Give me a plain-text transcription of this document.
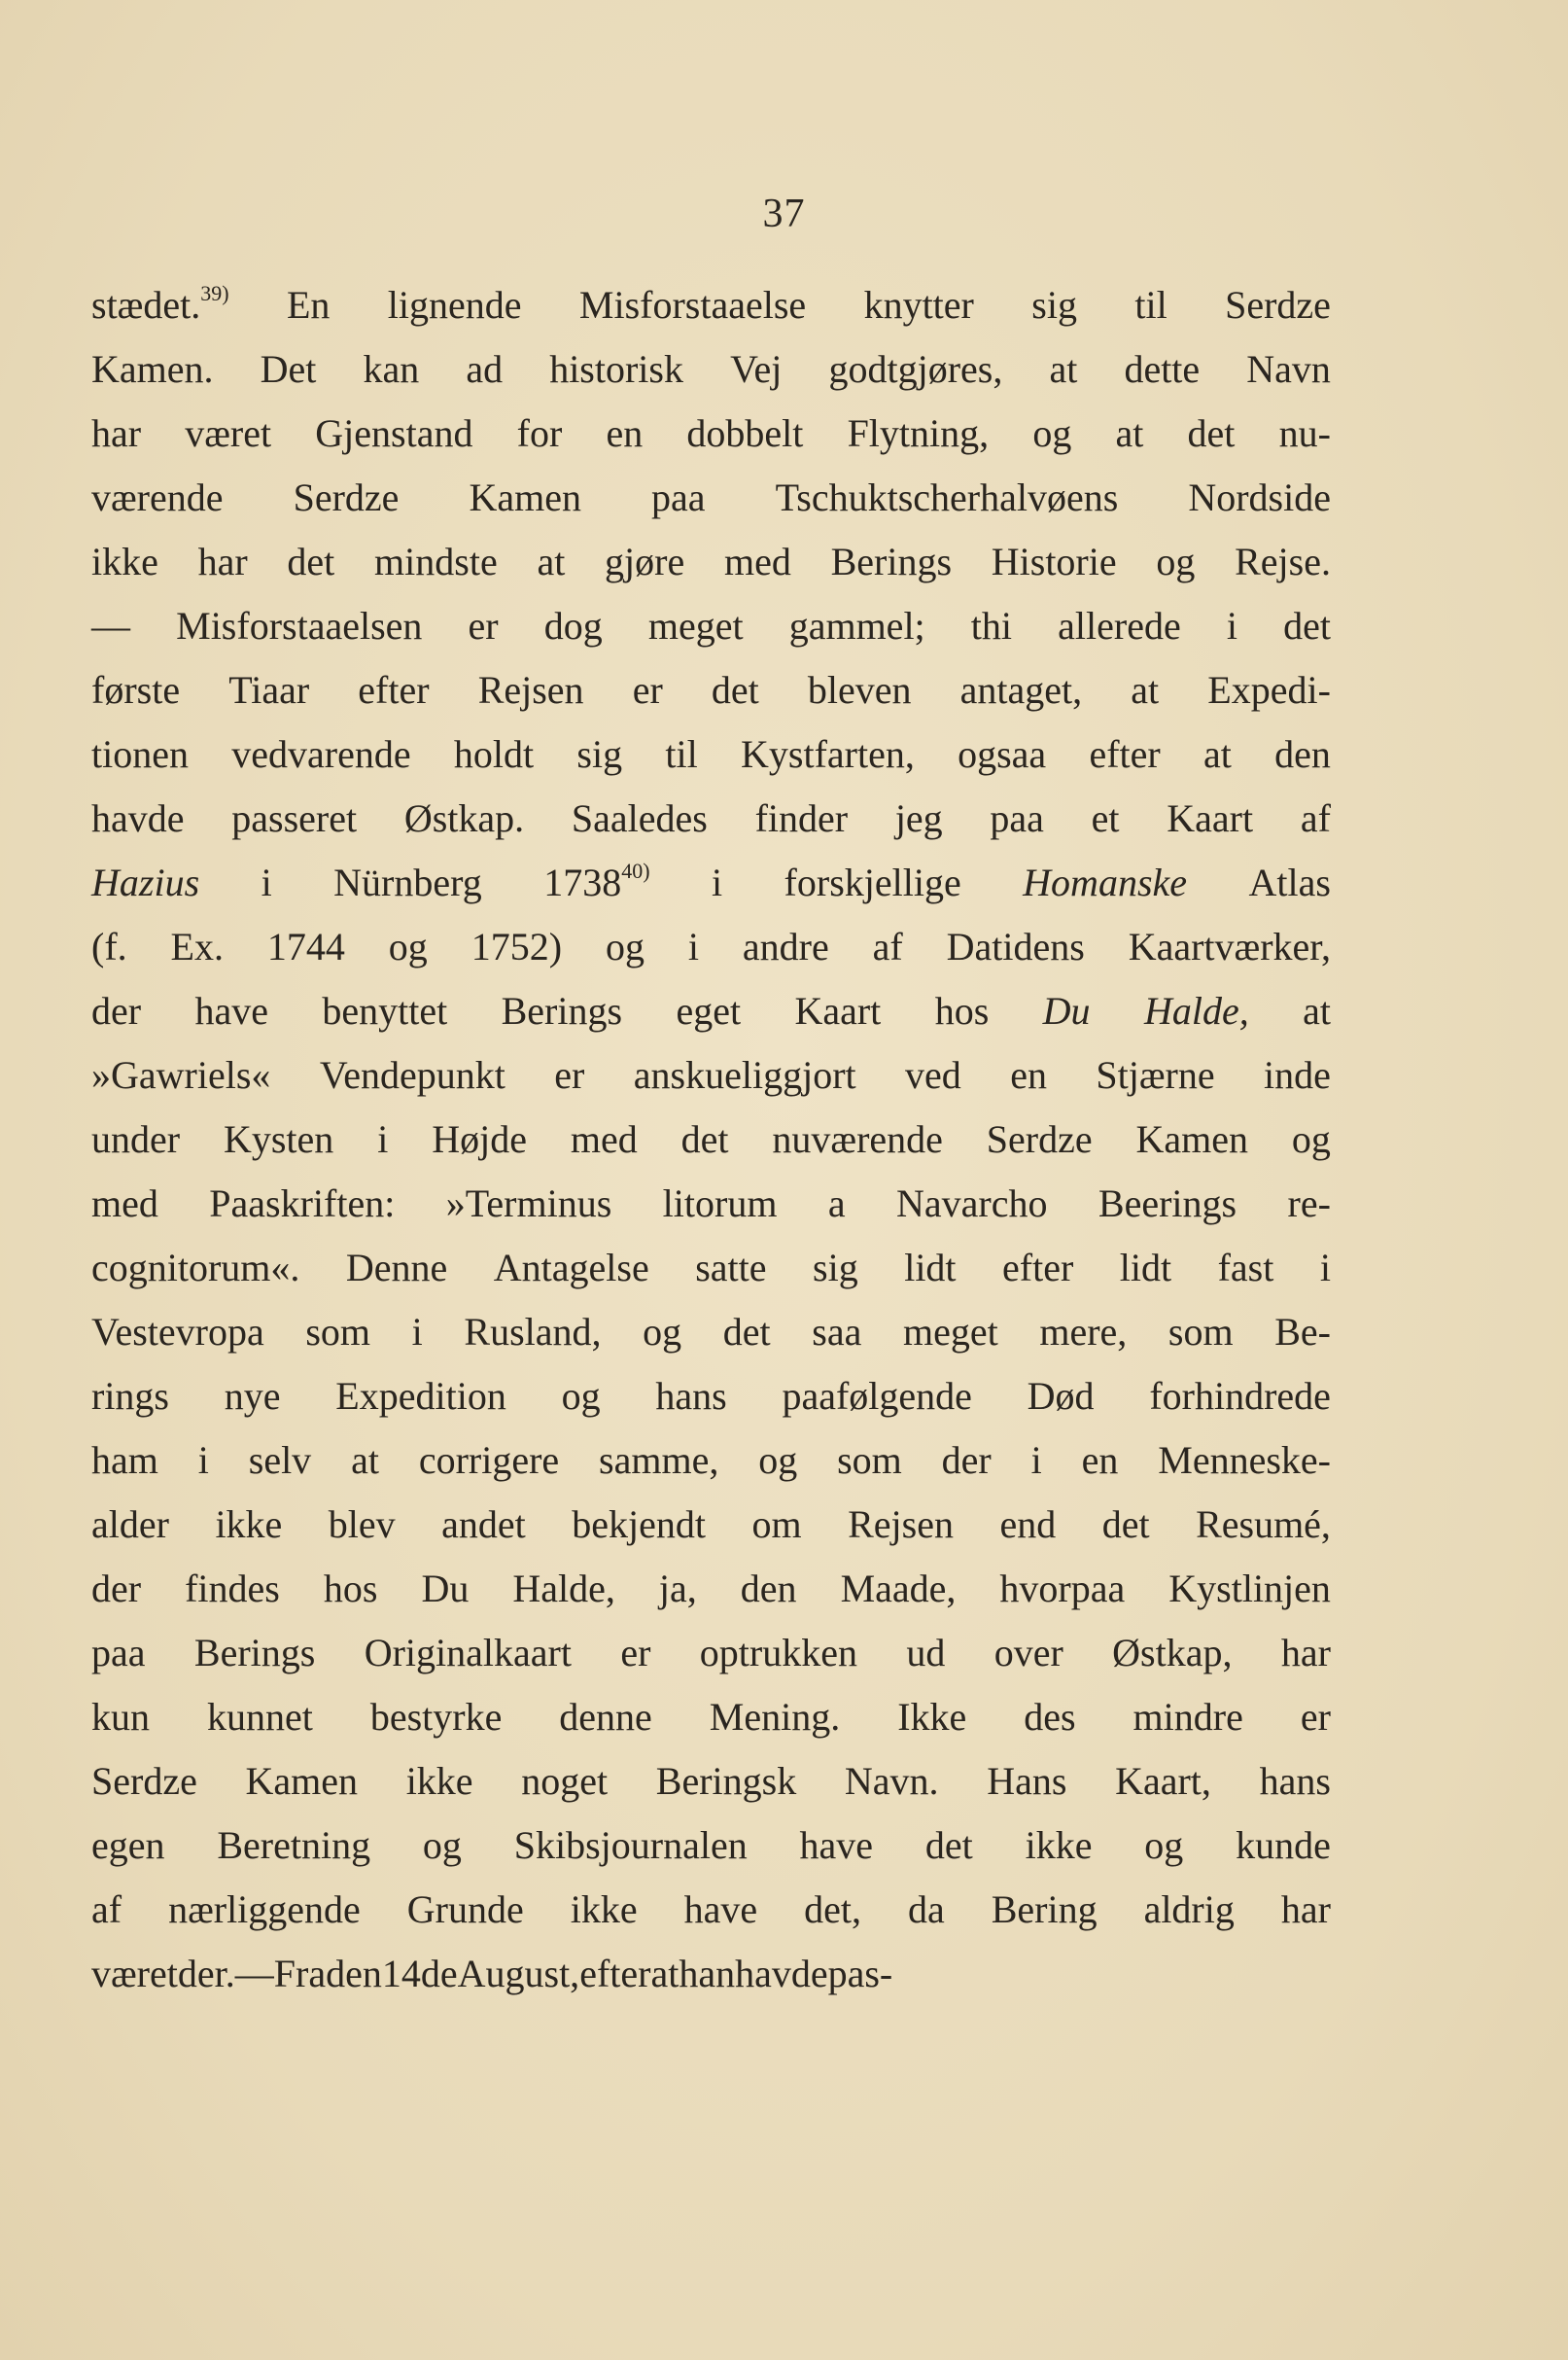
37
stædet.$^{39)}$ En lignende Misforstaaelse knytter sig til Serdze
Kamen. Det kan ad historisk Vej godtgjøres, at dette Navn
har været Gjenstand for en dobbelt Flytning, og at det nu-
værende Serdze Kamen paa Tschuktscherhalvøens Nordside
ikke har det mindste at gjøre med Berings Historie og Rejse.
— Misforstaaelsen er dog meget gammel; thi allerede i det
første Tiaar efter Rejsen er det bleven antaget, at Expedi-
tionen vedvarende holdt sig til Kystfarten, ogsaa efter at den
havde passeret Østkap. Saaledes finder jeg paa et Kaart af
Hazius i Nürnberg 1738$^{40)}$ i forskjellige Homanske Atlas
(f. Ex. 1744 og 1752) og i andre af Datidens Kaartværker,
der have benyttet Berings eget Kaart hos Du Halde, at
»Gawriels« Vendepunkt er anskueliggjort ved en Stjærne inde
under Kysten i Højde med det nuværende Serdze Kamen og
med Paaskriften: »Terminus litorum a Navarcho Beerings re-
cognitorum«. Denne Antagelse satte sig lidt efter lidt fast i
Vestevropa som i Rusland, og det saa meget mere, som Be-
rings nye Expedition og hans paafølgende Død forhindrede
ham i selv at corrigere samme, og som der i en Menneske-
alder ikke blev andet bekjendt om Rejsen end det Resumé,
der findes hos Du Halde, ja, den Maade, hvorpaa Kystlinjen
paa Berings Originalkaart er optrukken ud over Østkap, har
kun kunnet bestyrke denne Mening. Ikke des mindre er
Serdze Kamen ikke noget Beringsk Navn. Hans Kaart, hans
egen Beretning og Skibsjournalen have det ikke og kunde
af nærliggende Grunde ikke have det, da Bering aldrig har
været der. — Fra den 14de August, efter at han havde pas-
